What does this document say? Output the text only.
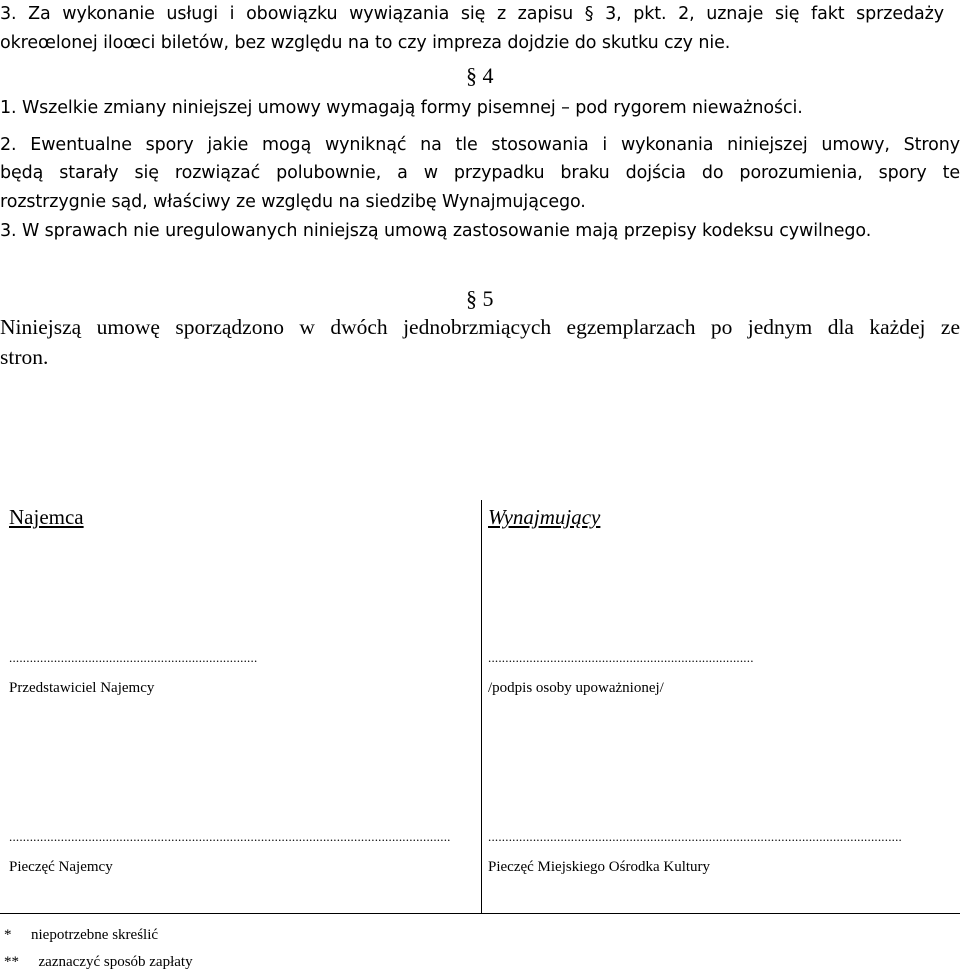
3. Za wykonanie usługi i obowiązku wywiązania się z zapisu § 3, pkt. 2, uznaje się fakt sprzedaży
okreœlonej iloœci biletów, bez względu na to czy impreza dojdzie do skutku czy nie.
§ 4
1. Wszelkie zmiany niniejszej umowy wymagają formy pisemnej – pod rygorem nieważności.
2. Ewentualne spory jakie mogą wyniknąć na tle stosowania i wykonania niniejszej umowy, Strony
będą starały się rozwiązać polubownie, a w przypadku braku dojścia do porozumienia, spory te
rozstrzygnie sąd, właściwy ze względu na siedzibę Wynajmującego.
3. W sprawach nie uregulowanych niniejszą umową zastosowanie mają przepisy kodeksu cywilnego.
§ 5
Niniejszą umowę sporządzono w dwóch jednobrzmiących egzemplarzach po jednym dla każdej ze
stron.
Najemca
........................................................................
Przedstawiciel Najemcy
................................................................................................................................
Pieczęć Najemcy
Wynajmujący
.............................................................................
/podpis osoby upoważnionej/
........................................................................................................................
Pieczęć Miejskiego Ośrodka Kultury
* niepotrzebne skreślić
** zaznaczyć sposób zapłaty
